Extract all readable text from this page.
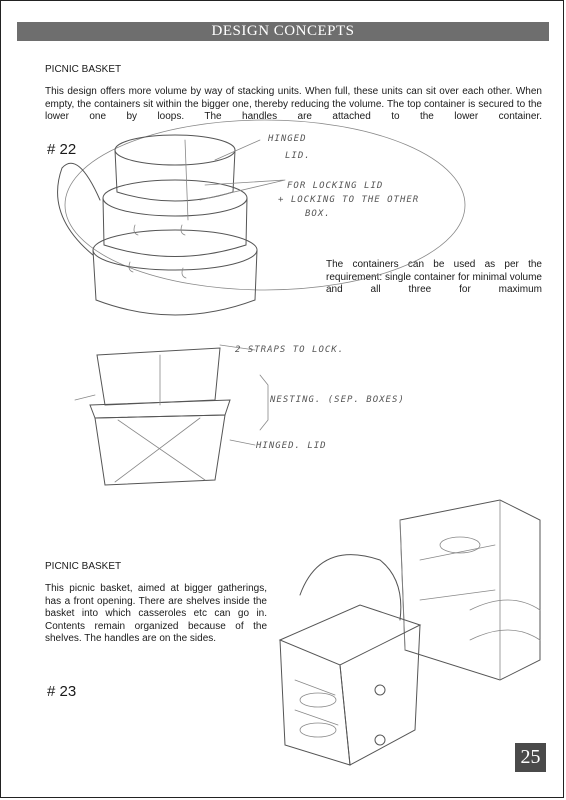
DESIGN CONCEPTS
PICNIC BASKET
This design offers more volume by way of stacking units. When full, these units can sit over each other. When empty, the containers sit within the bigger one, thereby reducing the volume. The top container is secured to the lower one by loops. The handles are attached to the lower container.
# 22
The containers can be used as per the requirement: single container for minimal volume and all three for maximum
HINGED
LID.
FOR LOCKING LID
+ LOCKING TO THE OTHER
BOX.
2 STRAPS TO LOCK.
NESTING. (SEP. BOXES)
HINGED. LID
PICNIC BASKET
This picnic basket, aimed at bigger gatherings, has a front opening. There are shelves inside the basket into which casseroles etc can go in. Contents remain organized because of the shelves. The handles are on the sides.
# 23
25
